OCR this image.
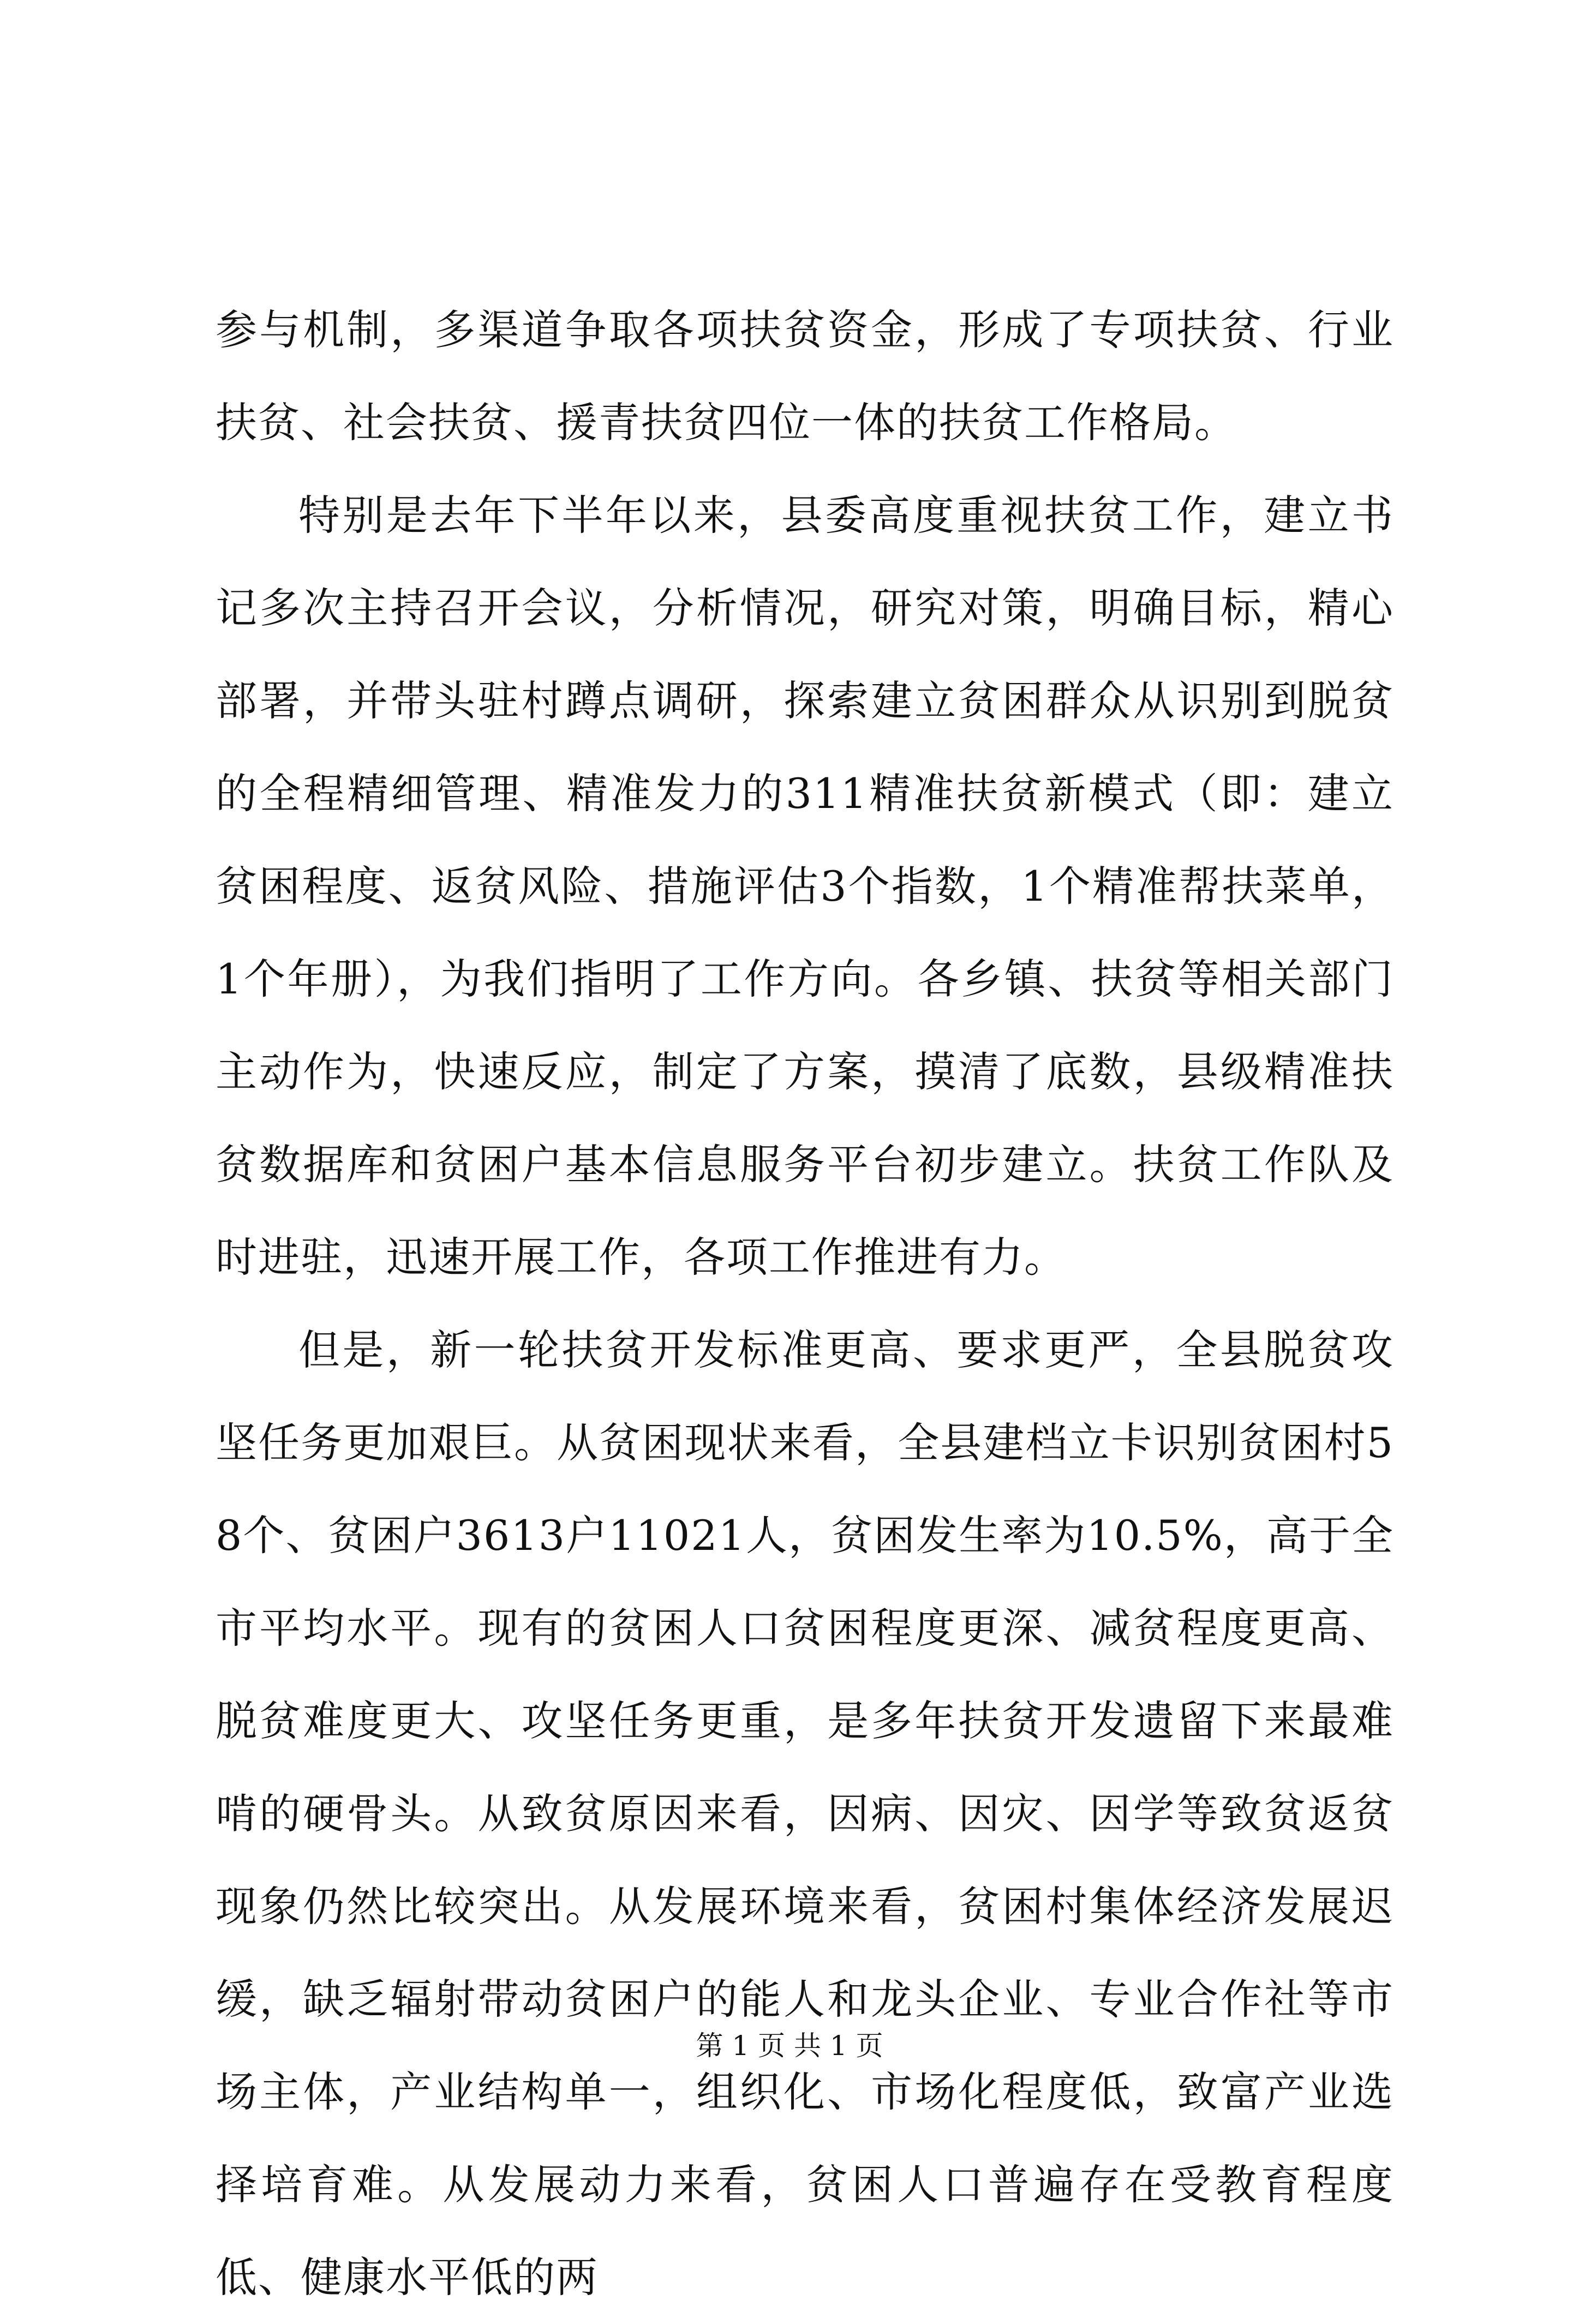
参与机制，多渠道争取各项扶贫资金，形成了专项扶贫、行业扶贫、社会扶贫、援青扶贫四位一体的扶贫工作格局。

特别是去年下半年以来，县委高度重视扶贫工作，建立书记多次主持召开会议，分析情况，研究对策，明确目标，精心部署，并带头驻村蹲点调研，探索建立贫困群众从识别到脱贫的全程精细管理、精准发力的311精准扶贫新模式（即：建立贫困程度、返贫风险、措施评估3个指数，1个精准帮扶菜单，1个年册），为我们指明了工作方向。各乡镇、扶贫等相关部门主动作为，快速反应，制定了方案，摸清了底数，县级精准扶贫数据库和贫困户基本信息服务平台初步建立。扶贫工作队及时进驻，迅速开展工作，各项工作推进有力。

但是，新一轮扶贫开发标准更高、要求更严，全县脱贫攻坚任务更加艰巨。从贫困现状来看，全县建档立卡识别贫困村58个、贫困户3613户11021人，贫困发生率为10.5%，高于全市平均水平。现有的贫困人口贫困程度更深、减贫程度更高、脱贫难度更大、攻坚任务更重，是多年扶贫开发遗留下来最难啃的硬骨头。从致贫原因来看，因病、因灾、因学等致贫返贫现象仍然比较突出。从发展环境来看，贫困村集体经济发展迟缓，缺乏辐射带动贫困户的能人和龙头企业、专业合作社等市场主体，产业结构单一，组织化、市场化程度低，致富产业选择培育难。从发展动力来看，贫困人口普遍存在受教育程度低、健康水平低的两

第 1 页 共 1 页
